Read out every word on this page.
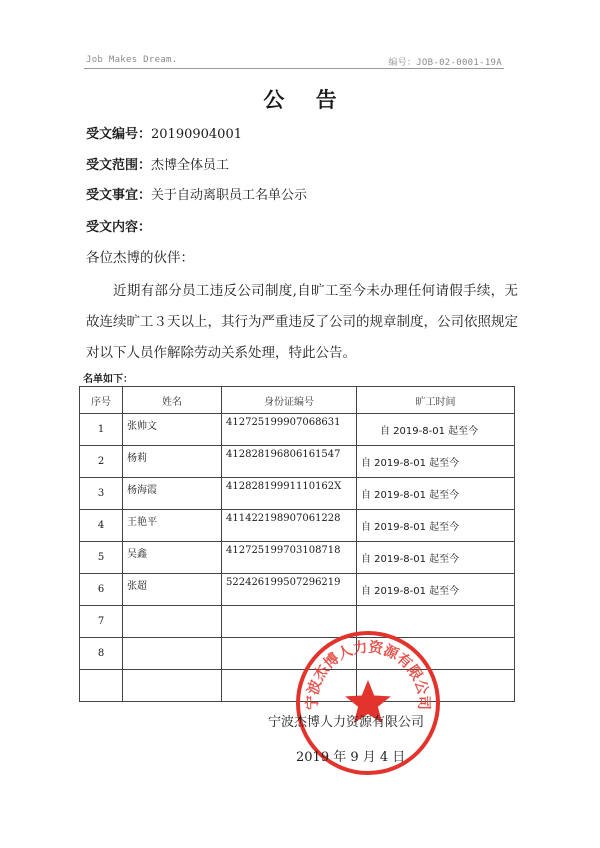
Job Makes Dream.	编号：JOB-02-0001-19A
公 告
受文编号：20190904001
受文范围：杰博全体员工
受文事宜：关于自动离职员工名单公示
受文内容：
各位杰博的伙伴：
近期有部分员工违反公司制度,自旷工至今未办理任何请假手续，无故连续旷工３天以上，其行为严重违反了公司的规章制度，公司依照规定对以下人员作解除劳动关系处理，特此公告。
名单如下：
序号	姓名	身份证编号	旷工时间
1	张帅文	412725199907068631	自 2019-8-01 起至今
2	杨莉	412828196806161547	自 2019-8-01 起至今
3	杨海霞	41282819991110162X	自 2019-8-01 起至今
4	王艳平	411422198907061228	自 2019-8-01 起至今
5	吴鑫	412725199703108718	自 2019-8-01 起至今
6	张超	522426199507296219	自 2019-8-01 起至今
7			
8			

宁波杰博人力资源有限公司
宁波杰博人力资源有限公司
2019 年 9 月 4 日
